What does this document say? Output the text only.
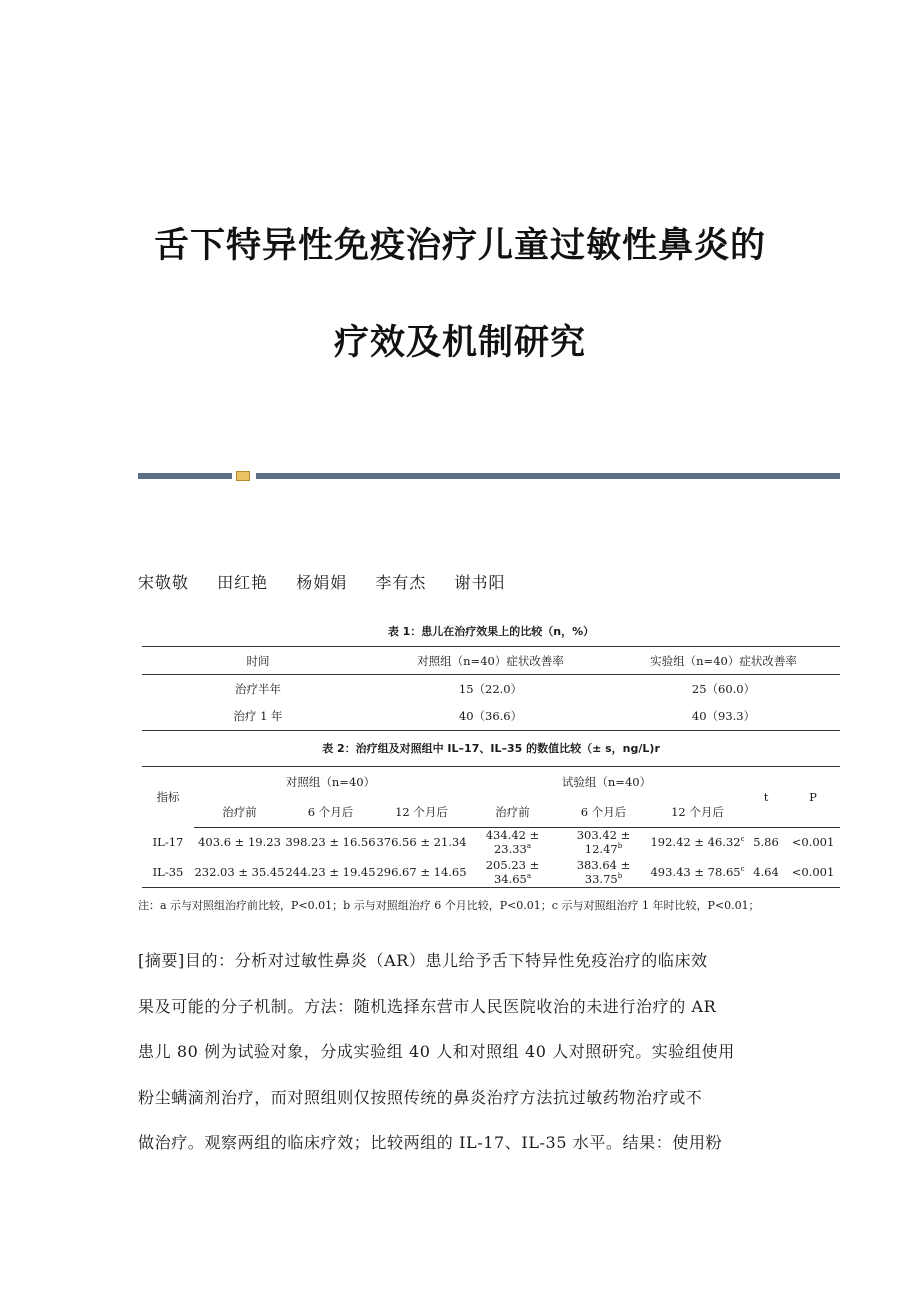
舌下特异性免疫治疗儿童过敏性鼻炎的
疗效及机制研究
宋敬敬 田红艳 杨娟娟 李有杰 谢书阳
表 1：患儿在治疗效果上的比较（n，%）
时间	对照组（n=40）症状改善率	实验组（n=40）症状改善率
治疗半年	15（22.0）	25（60.0）
治疗 1 年	40（36.6）	40（93.3）
表 2：治疗组及对照组中 IL–17、IL–35 的数值比较（± s，ng/L)r
指标	对照组（n=40）			试验组（n=40）			t	P
	治疗前	6 个月后	12 个月后	治疗前	6 个月后	12 个月后		
IL-17	403.6 ± 19.23	398.23 ± 16.56	376.56 ± 21.34	434.42 ± 23.33$^a$	303.42 ± 12.47$^b$	192.42 ± 46.32$^c$	5.86	<0.001
IL-35	232.03 ± 35.45	244.23 ± 19.45	296.67 ± 14.65	205.23 ± 34.65$^a$	383.64 ± 33.75$^b$	493.43 ± 78.65$^c$	4.64	<0.001
注：a 示与对照组治疗前比较，P<0.01；b 示与对照组治疗 6 个月比较，P<0.01；c 示与对照组治疗 1 年时比较，P<0.01；
[摘要]目的：分析对过敏性鼻炎（AR）患儿给予舌下特异性免疫治疗的临床效
果及可能的分子机制。方法：随机选择东营市人民医院收治的未进行治疗的 AR
患儿 80 例为试验对象，分成实验组 40 人和对照组 40 人对照研究。实验组使用
粉尘螨滴剂治疗，而对照组则仅按照传统的鼻炎治疗方法抗过敏药物治疗或不
做治疗。观察两组的临床疗效；比较两组的 IL-17、IL-35 水平。结果：使用粉
